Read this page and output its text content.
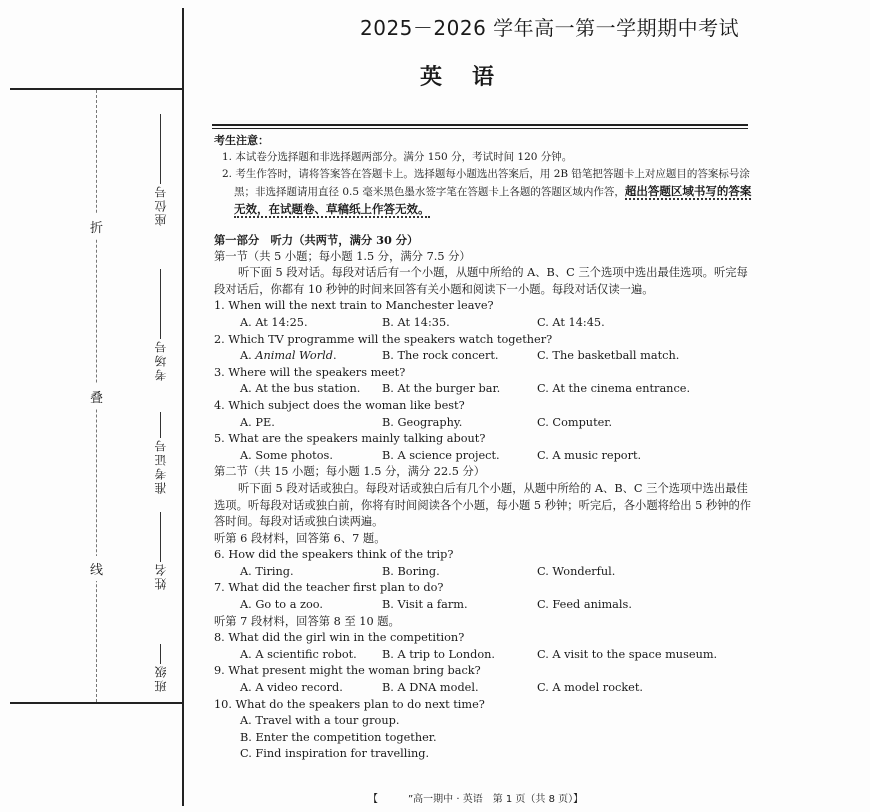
折
叠
线
座位号
考场号
准考证号
姓名
班级
2025－2026 学年高一第一学期期中考试
英语
考生注意：
1. 本试卷分选择题和非选择题两部分。满分 150 分，考试时间 120 分钟。
2. 考生作答时，请将答案答在答题卡上。选择题每小题选出答案后，用 2B 铅笔把答题卡上对应题目的答案标号涂黑；非选择题请用直径 0.5 毫米黑色墨水签字笔在答题卡上各题的答题区域内作答，超出答题区域书写的答案无效，在试题卷、草稿纸上作答无效。
第一部分　听力（共两节，满分 30 分）
第一节（共 5 小题；每小题 1.5 分，满分 7.5 分）
听下面 5 段对话。每段对话后有一个小题，从题中所给的 A、B、C 三个选项中选出最佳选项。听完每段对话后，你都有 10 秒钟的时间来回答有关小题和阅读下一小题。每段对话仅读一遍。
1. When will the next train to Manchester leave?
A. At 14:25.	B. At 14:35.	C. At 14:45.
2. Which TV programme will the speakers watch together?
A. Animal World.	B. The rock concert.	C. The basketball match.
3. Where will the speakers meet?
A. At the bus station.	B. At the burger bar.	C. At the cinema entrance.
4. Which subject does the woman like best?
A. PE.	B. Geography.	C. Computer.
5. What are the speakers mainly talking about?
A. Some photos.	B. A science project.	C. A music report.
第二节（共 15 小题；每小题 1.5 分，满分 22.5 分）
听下面 5 段对话或独白。每段对话或独白后有几个小题，从题中所给的 A、B、C 三个选项中选出最佳选项。听每段对话或独白前，你将有时间阅读各个小题，每小题 5 秒钟；听完后，各小题将给出 5 秒钟的作答时间。每段对话或独白读两遍。
听第 6 段材料，回答第 6、7 题。
6. How did the speakers think of the trip?
A. Tiring.	B. Boring.	C. Wonderful.
7. What did the teacher first plan to do?
A. Go to a zoo.	B. Visit a farm.	C. Feed animals.
听第 7 段材料，回答第 8 至 10 题。
8. What did the girl win in the competition?
A. A scientific robot.	B. A trip to London.	C. A visit to the space museum.
9. What present might the woman bring back?
A. A video record.	B. A DNA model.	C. A model rocket.
10. What do the speakers plan to do next time?
A. Travel with a tour group.
B. Enter the competition together.
C. Find inspiration for travelling.
【	”高一期中 · 英语　第 1 页（共 8 页）】
